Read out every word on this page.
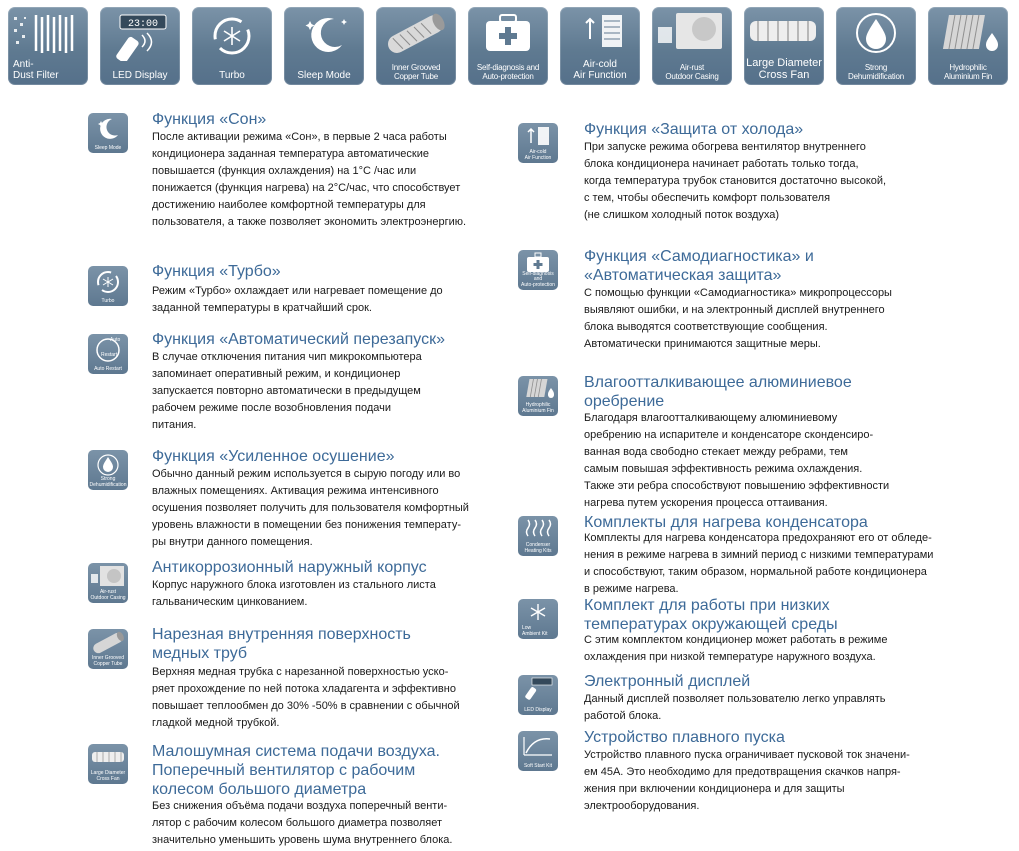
Anti-
Dust Filter
23:00
LED Display	Turbo	Sleep Mode
Inner Grooved
Copper Tube
Self-diagnosis and
Auto-protection
Air-cold
Air Function
Air-rust
Outdoor Casing
Large Diameter
Cross Fan
Strong
Dehumidification
Hydrophilic
Aluminium Fin
Sleep Mode
Функция «Сон»
После активации режима «Сон», в первые 2 часа работы
кондиционера заданная температура автоматические
повышается (функция охлаждения) на 1°С /час или
понижается (функция нагрева) на 2°С/час, что способствует
достижению наиболее комфортной температуры для
пользователя, а также позволяет экономить электроэнергию.
Turbo
Функция «Турбо»
Режим «Турбо» охлаждает или нагревает помещение до
заданной температуры в кратчайший срок.
Auto
Restart
Auto Restart
Функция «Автоматический перезапуск»
В случае отключения питания чип микрокомпьютера
запоминает оперативный режим, и кондиционер
запускается повторно автоматически в предыдущем
рабочем режиме после возобновления подачи
питания.
Strong
Dehumidification
Функция «Усиленное осушение»
Обычно данный режим используется в сырую погоду или во
влажных помещениях. Активация режима интенсивного
осушения позволяет получить для пользователя комфортный
уровень влажности в помещении без понижения температу-
ры внутри данного помещения.
Air-rust
Outdoor Casing
Антикоррозионный наружный корпус
Корпус наружного блока изготовлен из стального листа
гальваническим цинкованием.
Inner Grooved
Copper Tube
Нарезная внутренняя поверхность
медных труб
Верхняя медная трубка с нарезанной поверхностью уско-
ряет прохождение по ней потока хладагента и эффективно
повышает теплообмен до 30% -50% в сравнении с обычной
гладкой медной трубкой.
Large Diameter
Cross Fan
Малошумная система подачи воздуха.
Поперечный вентилятор с рабочим
колесом большого диаметра
Без снижения объёма подачи воздуха поперечный венти-
лятор с рабочим колесом большого диаметра позволяет
значительно уменьшить уровень шума внутреннего блока.
Air-cold
Air Function
Функция «Защита от холода»
При запуске режима обогрева вентилятор внутреннего
блока кондиционера начинает работать только тогда,
когда температура трубок становится достаточно высокой,
с тем, чтобы обеспечить комфорт пользователя
(не слишком холодный поток воздуха)
Self-diagnosis and
Auto-protection
Функция «Самодиагностика» и
«Автоматическая защита»
С помощью функции «Самодиагностика» микропроцессоры
выявляют ошибки, и на электронный дисплей внутреннего
блока выводятся соответствующие сообщения.
Автоматически принимаются защитные меры.
Hydrophilic
Aluminium Fin
Влагоотталкивающее алюминиевое
оребрение
Благодаря влагоотталкивающему алюминиевому
оребрению на испарителе и конденсаторе сконденсиро-
ванная вода свободно стекает между ребрами, тем
самым повышая эффективность режима охлаждения.
Также эти ребра способствуют повышению эффективности
нагрева путем ускорения процесса оттаивания.
Condenser
Heating Kits
Комплекты для нагрева конденсатора
Комплекты для нагрева конденсатора предохраняют его от обледе-
нения в режиме нагрева в зимний период с низкими температурами
и способствуют, таким образом, нормальной работе кондиционера
в режиме нагрева.
Low
Ambient Kit
Комплект для работы при низких
температурах окружающей среды
С этим комплектом кондиционер может работать в режиме
охлаждения при низкой температуре наружного воздуха.
LED Display
Электронный дисплей
Данный дисплей позволяет пользователю легко управлять
работой блока.
Soft Start Kit
Устройство плавного пуска
Устройство плавного пуска ограничивает пусковой ток значени-
ем 45А. Это необходимо для предотвращения скачков напря-
жения при включении кондиционера и для защиты
электрооборудования.
